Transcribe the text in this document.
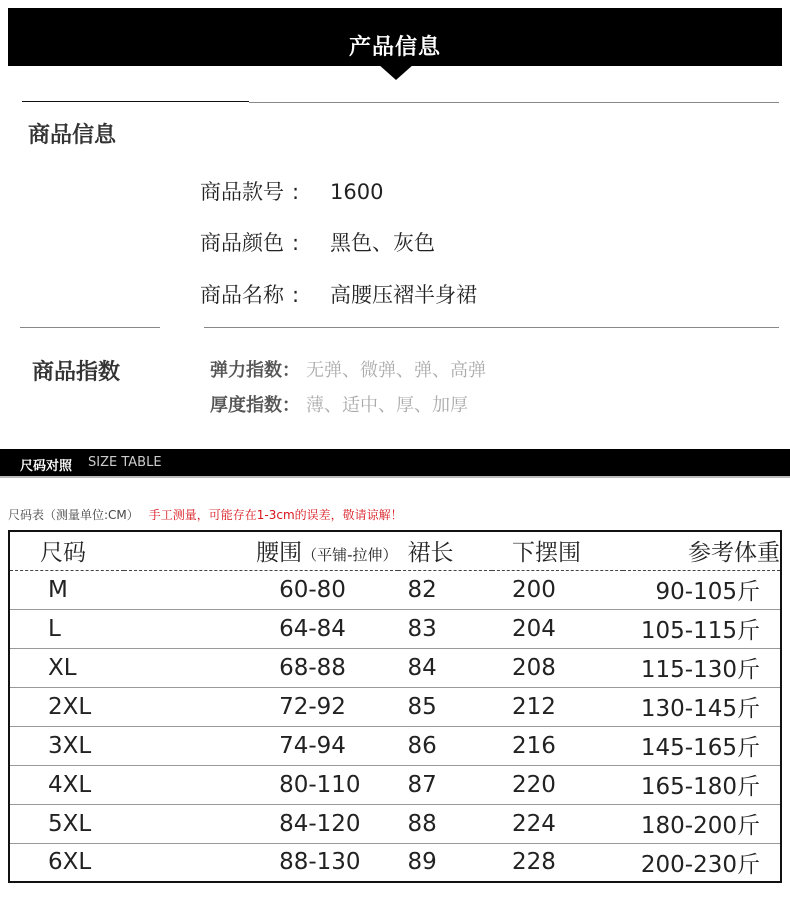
产品信息
商品信息
商品款号 : 1600
商品颜色 : 黑色、灰色
商品名称 : 高腰压褶半身裙
商品指数	弹力指数： 无弹、微弹、弹、高弹
厚度指数： 薄、适中、厚、加厚
尺码对照 SIZE TABLE
尺码表（测量单位:CM） 手工测量，可能存在1-3cm的误差，敬请谅解！
尺码	腰围（平铺-拉伸）	裙长	下摆围	参考体重
M	60-80	82	200	90-105斤
L	64-84	83	204	105-115斤
XL	68-88	84	208	115-130斤
2XL	72-92	85	212	130-145斤
3XL	74-94	86	216	145-165斤
4XL	80-110	87	220	165-180斤
5XL	84-120	88	224	180-200斤
6XL	88-130	89	228	200-230斤
